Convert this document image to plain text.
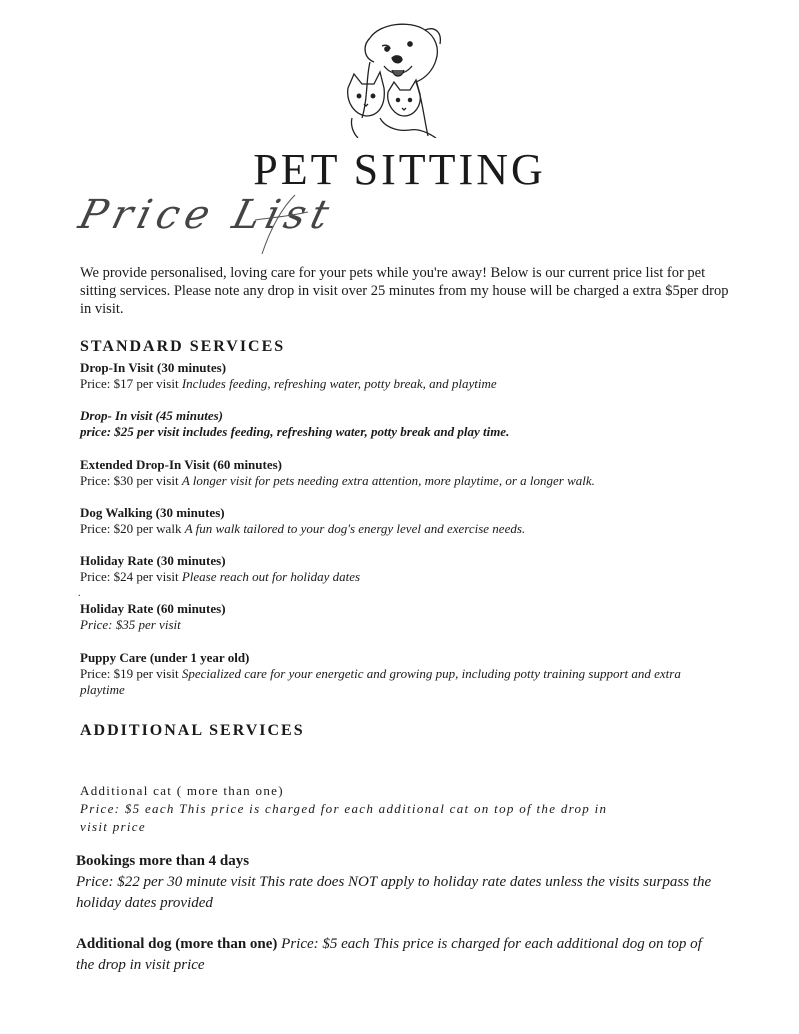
PET SITTING
Price List
We provide personalised, loving care for your pets while you're away! Below is our current price list for pet sitting services. Please note any drop in visit over 25 minutes from my house will be charged a extra $5per drop in visit.
STANDARD SERVICES
Drop-In Visit (30 minutes)
Price: $17 per visit Includes feeding, refreshing water, potty break, and playtime
Drop- In visit (45 minutes)
price: $25 per visit includes feeding, refreshing water, potty break and play time.
Extended Drop-In Visit (60 minutes)
Price: $30 per visit A longer visit for pets needing extra attention, more playtime, or a longer walk.
Dog Walking (30 minutes)
Price: $20 per walk A fun walk tailored to your dog's energy level and exercise needs.
Holiday Rate (30 minutes)
Price: $24 per visit Please reach out for holiday dates
.
Holiday Rate (60 minutes)
Price: $35 per visit
Puppy Care (under 1 year old)
Price: $19 per visit Specialized care for your energetic and growing pup, including potty training support and extra playtime
ADDITIONAL SERVICES
Additional cat ( more than one)
Price: $5 each This price is charged for each additional cat on top of the drop in visit price
Bookings more than 4 days
Price: $22 per 30 minute visit This rate does NOT apply to holiday rate dates unless the visits surpass the holiday dates provided
Additional dog (more than one) Price: $5 each This price is charged for each additional dog on top of the drop in visit price
